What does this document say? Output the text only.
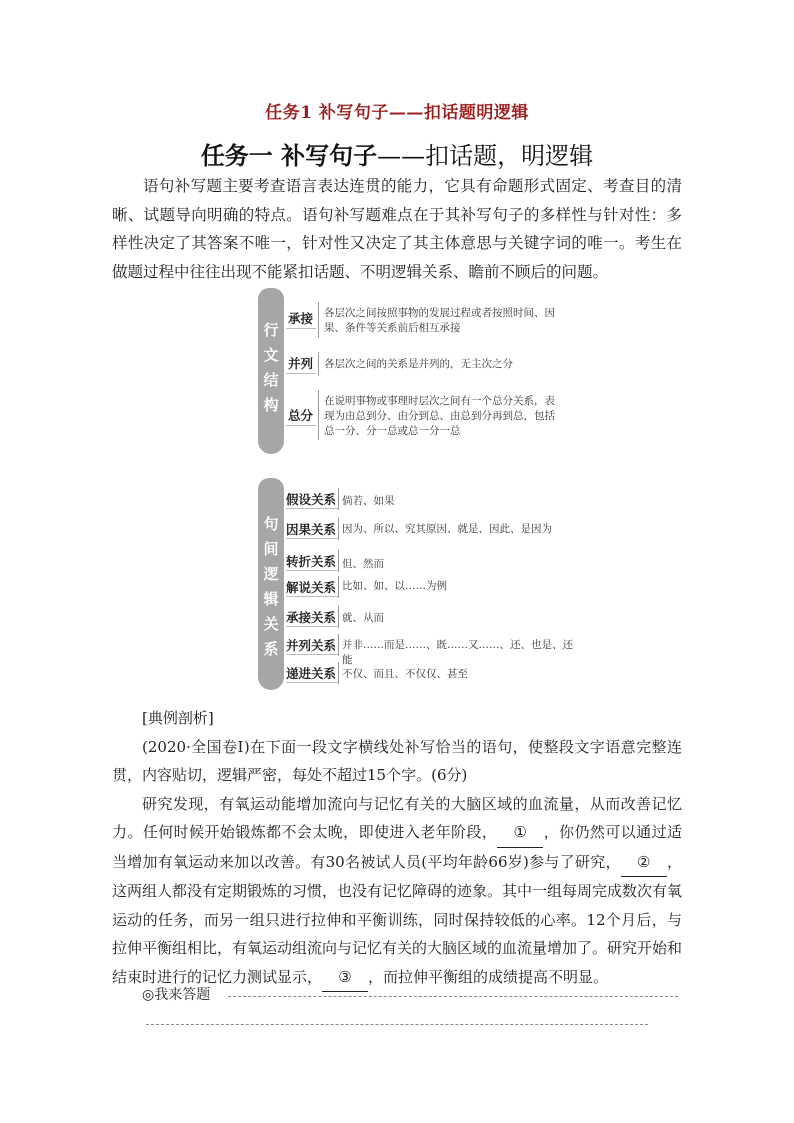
任务1 补写句子——扣话题明逻辑
任务一 补写句子——扣话题，明逻辑

语句补写题主要考查语言表达连贯的能力，它具有命题形式固定、考查目的清晰、试题导向明确的特点。语句补写题难点在于其补写句子的多样性与针对性：多样性决定了其答案不唯一，针对性又决定了其主体意思与关键字词的唯一。考生在做题过程中往往出现不能紧扣话题、不明逻辑关系、瞻前不顾后的问题。

行
文
结
构
承接 各层次之间按照事物的发展过程或者按照时间、因
果、条件等关系前后相互承接
并列 各层次之间的关系是并列的，无主次之分
总分
在说明事物或事理时层次之间有一个总分关系，表
现为由总到分、由分到总、由总到分再到总，包括
总一分、分一总或总一分一总
句
间
逻
辑
关
系
假设关系 倘若、如果
因果关系 因为、所以、究其原因、就是、因此、是因为
转折关系 但、然而
解说关系 比如、如、以……为例
承接关系 就、从而
并列关系 并非……而是……、既……又……、还、也是、还能
递进关系 不仅、而且、不仅仅、甚至

[典例剖析]

(2020·全国卷Ⅰ)在下面一段文字横线处补写恰当的语句，使整段文字语意完整连贯，内容贴切，逻辑严密，每处不超过15个字。(6分)

研究发现，有氧运动能增加流向与记忆有关的大脑区域的血流量，从而改善记忆力。任何时候开始锻炼都不会太晚，即使进入老年阶段， ① ，你仍然可以通过适当增加有氧运动来加以改善。有30名被试人员(平均年龄66岁)参与了研究， ② ，这两组人都没有定期锻炼的习惯，也没有记忆障碍的迹象。其中一组每周完成数次有氧运动的任务，而另一组只进行拉伸和平衡训练，同时保持较低的心率。12个月后，与拉伸平衡组相比，有氧运动组流向与记忆有关的大脑区域的血流量增加了。研究开始和结束时进行的记忆力测试显示， ③ ，而拉伸平衡组的成绩提高不明显。

◎我来答题
